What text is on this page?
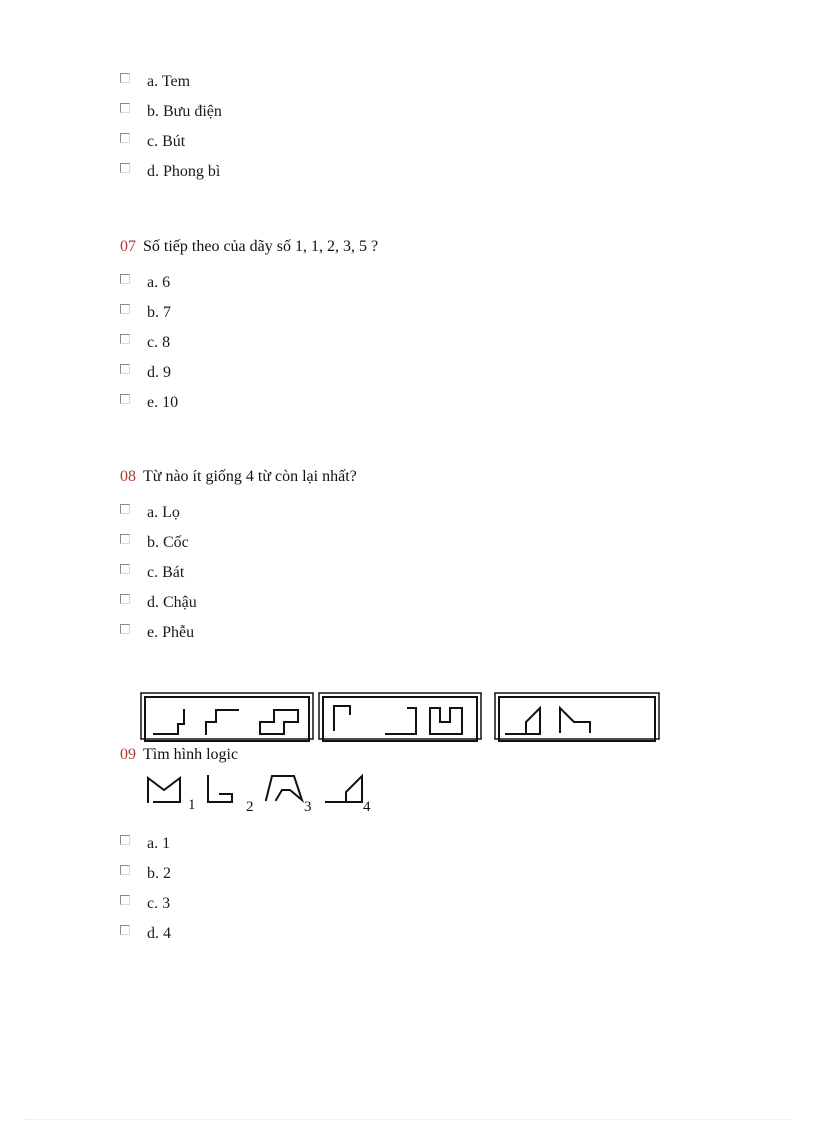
a. Tem
b. Bưu điện
c. Bút
d. Phong bì
07 Số tiếp theo của dãy số 1, 1, 2, 3, 5 ?
a. 6
b. 7
c. 8
d. 9
e. 10
08 Từ nào ít giống 4 từ còn lại nhất?
a. Lọ
b. Cốc
c. Bát
d. Chậu
e. Phễu
09 Tìm hình logic
1	2	3	4
a. 1
b. 2
c. 3
d. 4
